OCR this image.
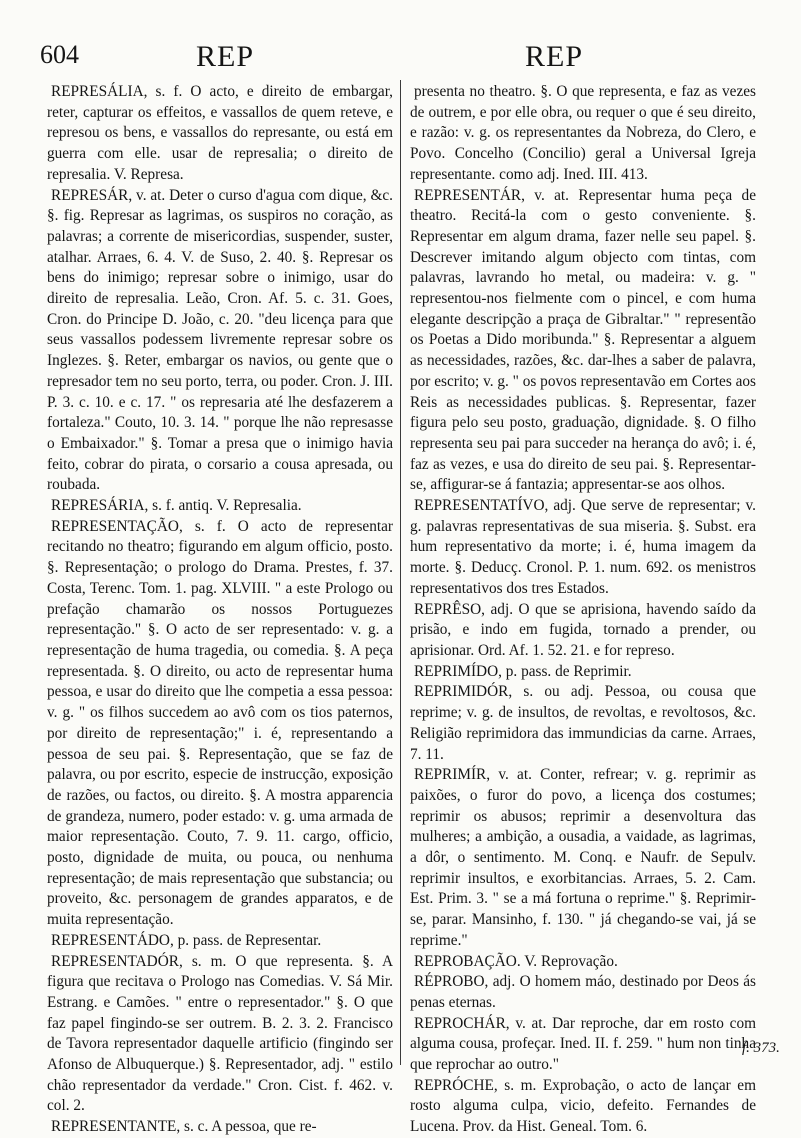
604	REP	REP

REPRESÁLIA, s. f. O acto, e direito de embargar, reter, capturar os effeitos, e vassallos de quem reteve, e represou os bens, e vassallos do represante, ou está em guerra com elle. usar de represalia; o direito de represalia. V. Represa.

REPRESÁR, v. at. Deter o curso d'agua com dique, &c. §. fig. Represar as lagrimas, os suspiros no coração, as palavras; a corrente de misericordias, suspender, suster, atalhar. Arraes, 6. 4. V. de Suso, 2. 40. §. Represar os bens do inimigo; represar sobre o inimigo, usar do direito de represalia. Leão, Cron. Af. 5. c. 31. Goes, Cron. do Principe D. João, c. 20. "deu licença para que seus vassallos podessem livremente represar sobre os Inglezes. §. Reter, embargar os navios, ou gente que o represador tem no seu porto, terra, ou poder. Cron. J. III. P. 3. c. 10. e c. 17. " os represaria até lhe desfazerem a fortaleza." Couto, 10. 3. 14. " porque lhe não represasse o Embaixador." §. Tomar a presa que o inimigo havia feito, cobrar do pirata, o corsario a cousa apresada, ou roubada.

REPRESÁRIA, s. f. antiq. V. Represalia.

REPRESENTAÇÃO, s. f. O acto de representar recitando no theatro; figurando em algum officio, posto. §. Representação; o prologo do Drama. Prestes, f. 37. Costa, Terenc. Tom. 1. pag. XLVIII. " a este Prologo ou prefação chamarão os nossos Portuguezes representação." §. O acto de ser representado: v. g. a representação de huma tragedia, ou comedia. §. A peça representada. §. O direito, ou acto de representar huma pessoa, e usar do direito que lhe competia a essa pessoa: v. g. " os filhos succedem ao avô com os tios paternos, por direito de representação;" i. é, representando a pessoa de seu pai. §. Representação, que se faz de palavra, ou por escrito, especie de instrucção, exposição de razões, ou factos, ou direito. §. A mostra apparencia de grandeza, numero, poder estado: v. g. uma armada de maior representação. Couto, 7. 9. 11. cargo, officio, posto, dignidade de muita, ou pouca, ou nenhuma representação; de mais representação que substancia; ou proveito, &c. personagem de grandes apparatos, e de muita representação.

REPRESENTÁDO, p. pass. de Representar.

REPRESENTADÓR, s. m. O que representa. §. A figura que recitava o Prologo nas Comedias. V. Sá Mir. Estrang. e Camões. " entre o representador." §. O que faz papel fingindo-se ser outrem. B. 2. 3. 2. Francisco de Tavora representador daquelle artificio (fingindo ser Afonso de Albuquerque.) §. Representador, adj. " estilo chão representador da verdade." Cron. Cist. f. 462. v. col. 2.

REPRESENTANTE, s. c. A pessoa, que re-

presenta no theatro. §. O que representa, e faz as vezes de outrem, e por elle obra, ou requer o que é seu direito, e razão: v. g. os representantes da Nobreza, do Clero, e Povo. Concelho (Concilio) geral a Universal Igreja representante. como adj. Ined. III. 413.

REPRESENTÁR, v. at. Representar huma peça de theatro. Recitá-la com o gesto conveniente. §. Representar em algum drama, fazer nelle seu papel. §. Descrever imitando algum objecto com tintas, com palavras, lavrando ho metal, ou madeira: v. g. " representou-nos fielmente com o pincel, e com huma elegante descripção a praça de Gibraltar." " representão os Poetas a Dido moribunda." §. Representar a alguem as necessidades, razões, &c. dar-lhes a saber de palavra, por escrito; v. g. " os povos representavão em Cortes aos Reis as necessidades publicas. §. Representar, fazer figura pelo seu posto, graduação, dignidade. §. O filho representa seu pai para succeder na herança do avô; i. é, faz as vezes, e usa do direito de seu pai. §. Representar-se, affigurar-se á fantazia; appresentar-se aos olhos.

REPRESENTATÍVO, adj. Que serve de representar; v. g. palavras representativas de sua miseria. §. Subst. era hum representativo da morte; i. é, huma imagem da morte. §. Deducç. Cronol. P. 1. num. 692. os menistros representativos dos tres Estados.

REPRÊSO, adj. O que se aprisiona, havendo saído da prisão, e indo em fugida, tornado a prender, ou aprisionar. Ord. Af. 1. 52. 21. e for represo.

REPRIMÍDO, p. pass. de Reprimir.

REPRIMIDÓR, s. ou adj. Pessoa, ou cousa que reprime; v. g. de insultos, de revoltas, e revoltosos, &c. Religião reprimidora das immundicias da carne. Arraes, 7. 11.

REPRIMÍR, v. at. Conter, refrear; v. g. reprimir as paixões, o furor do povo, a licença dos costumes; reprimir os abusos; reprimir a desenvoltura das mulheres; a ambição, a ousadia, a vaidade, as lagrimas, a dôr, o sentimento. M. Conq. e Naufr. de Sepulv. reprimir insultos, e exorbitancias. Arraes, 5. 2. Cam. Est. Prim. 3. " se a má fortuna o reprime." §. Reprimir-se, parar. Mansinho, f. 130. " já chegando-se vai, já se reprime."

REPROBAÇÃO. V. Reprovação.

RÉPROBO, adj. O homem máo, destinado por Deos ás penas eternas.

REPROCHÁR, v. at. Dar reproche, dar em rosto com alguma cousa, profeçar. Ined. II. f. 259. " hum non tinha que reprochar ao outro."

REPRÓCHE, s. m. Exprobação, o acto de lançar em rosto alguma culpa, vicio, defeito. Fernandes de Lucena. Prov. da Hist. Geneal. Tom. 6.

f. 373.
